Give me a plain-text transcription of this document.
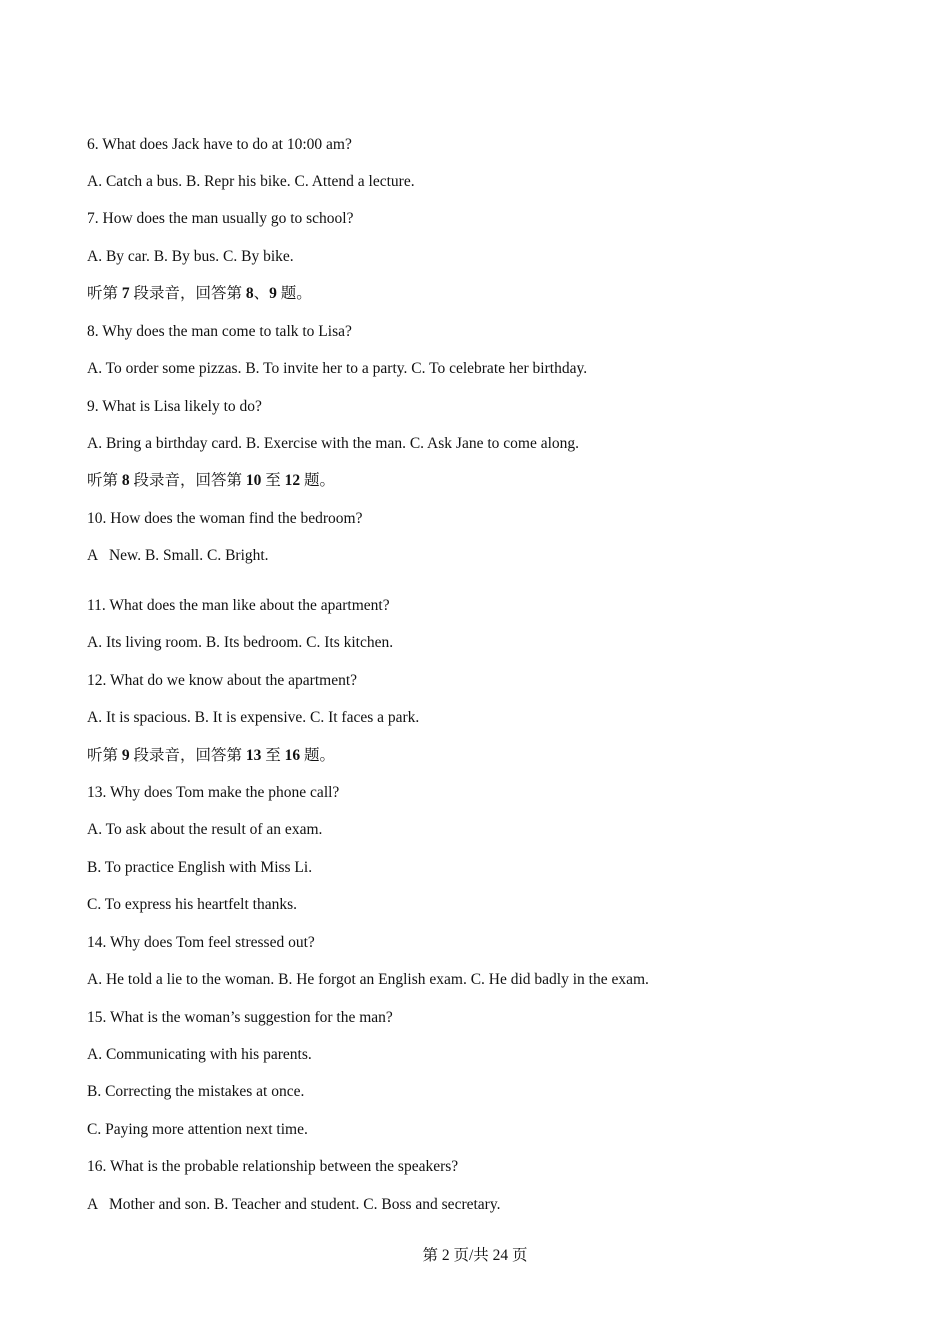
6. What does Jack have to do at 10:00 am?
A. Catch a bus. B. Repr his bike. C. Attend a lecture.
7. How does the man usually go to school?
A. By car. B. By bus. C. By bike.
听第 7 段录音，回答第 8、9 题。
8. Why does the man come to talk to Lisa?
A. To order some pizzas. B. To invite her to a party. C. To celebrate her birthday.
9. What is Lisa likely to do?
A. Bring a birthday card. B. Exercise with the man. C. Ask Jane to come along.
听第 8 段录音，回答第 10 至 12 题。
10. How does the woman find the bedroom?
A   New. B. Small. C. Bright.
11. What does the man like about the apartment?
A. Its living room. B. Its bedroom. C. Its kitchen.
12. What do we know about the apartment?
A. It is spacious. B. It is expensive. C. It faces a park.
听第 9 段录音，回答第 13 至 16 题。
13. Why does Tom make the phone call?
A. To ask about the result of an exam.
B. To practice English with Miss Li.
C. To express his heartfelt thanks.
14. Why does Tom feel stressed out?
A. He told a lie to the woman. B. He forgot an English exam. C. He did badly in the exam.
15. What is the woman’s suggestion for the man?
A. Communicating with his parents.
B. Correcting the mistakes at once.
C. Paying more attention next time.
16. What is the probable relationship between the speakers?
A   Mother and son. B. Teacher and student. C. Boss and secretary.
第 2 页/共 24 页
